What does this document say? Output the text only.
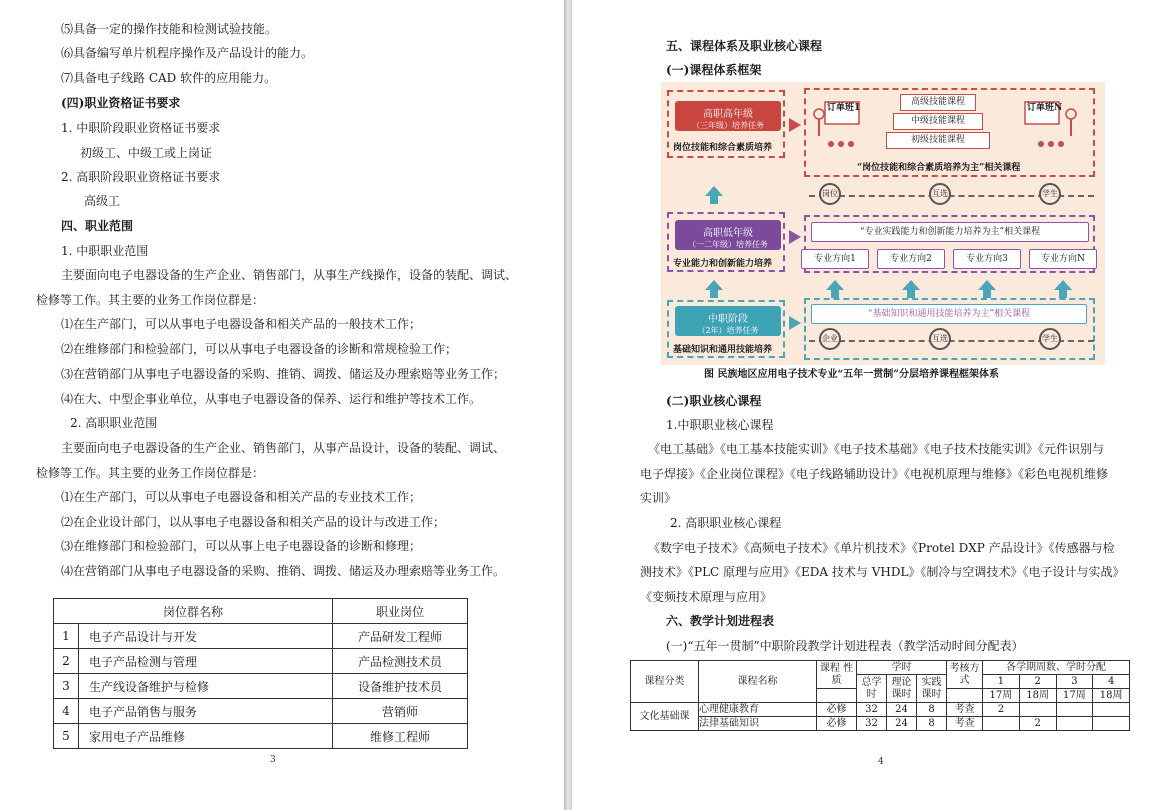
⑸具备一定的操作技能和检测试验技能。
⑹具备编写单片机程序操作及产品设计的能力。
⑺具备电子线路 CAD 软件的应用能力。
(四)职业资格证书要求
1. 中职阶段职业资格证书要求
初级工、中级工或上岗证
2. 高职阶段职业资格证书要求
高级工
四、职业范围
1. 中职职业范围
主要面向电子电器设备的生产企业、销售部门，从事生产线操作，设备的装配、调试、
检修等工作。其主要的业务工作岗位群是：
⑴在生产部门，可以从事电子电器设备和相关产品的一般技术工作；
⑵在维修部门和检验部门，可以从事电子电器设备的诊断和常规检验工作；
⑶在营销部门从事电子电器设备的采购、推销、调拨、储运及办理索赔等业务工作；
⑷在大、中型企事业单位，从事电子电器设备的保养、运行和维护等技术工作。
2. 高职职业范围
主要面向电子电器设备的生产企业、销售部门，从事产品设计，设备的装配、调试、
检修等工作。其主要的业务工作岗位群是：
⑴在生产部门，可以从事电子电器设备和相关产品的专业技术工作；
⑵在企业设计部门，以从事电子电器设备和相关产品的设计与改进工作；
⑶在维修部门和检验部门，可以从事上电子电器设备的诊断和修理；
⑷在营销部门从事电子电器设备的采购、推销、调拨、储运及办理索赔等业务工作。
岗位群名称		职业岗位
1	电子产品设计与开发	产品研发工程师
2	电子产品检测与管理	产品检测技术员
3	生产线设备维护与检修	设备维护技术员
4	电子产品销售与服务	营销师
5	家用电子产品维修	维修工程师
3
五、课程体系及职业核心课程
(一)课程体系框架
高职高年级
（三年级）培养任务
岗位技能和综合素质培养
订单班1
高级技能课程
中级技能课程
初级技能课程
订单班N
“岗位技能和综合素质培养为主”相关课程
岗位	互选	学生
高职低年级
（一二年级）培养任务
专业能力和创新能力培养
“专业实践能力和创新能力培养为主”相关课程
专业方向1	专业方向2	专业方向3	专业方向N
中职阶段
（2年）培养任务
基础知识和通用技能培养
“基础知识和通用技能培养为主”相关课程
企业	互选	学生
图 民族地区应用电子技术专业“五年一贯制”分层培养课程框架体系
(二)职业核心课程
1.中职职业核心课程
《电工基础》《电工基本技能实训》《电子技术基础》《电子技术技能实训》《元件识别与
电子焊接》《企业岗位课程》《电子线路辅助设计》《电视机原理与维修》《彩色电视机维修
实训》
2. 高职职业核心课程
《数字电子技术》《高频电子技术》《单片机技术》《Protel DXP 产品设计》《传感器与检
测技术》《PLC 原理与应用》《EDA 技术与 VHDL》《制冷与空调技术》《电子设计与实战》
《变频技术原理与应用》
六、教学计划进程表
(一)“五年一贯制”中职阶段教学计划进程表（教学活动时间分配表）
课程分类	课程名称	课程 性质	学时			考核方式	各学期周数、学时分配			
			总学时	理论课时	实践课时		1	2	3	4
							17周	18周	17周	18周
文化基础课	心理健康教育	必修	32	24	8	考查	2			
	法律基础知识	必修	32	24	8	考查		2		
4
